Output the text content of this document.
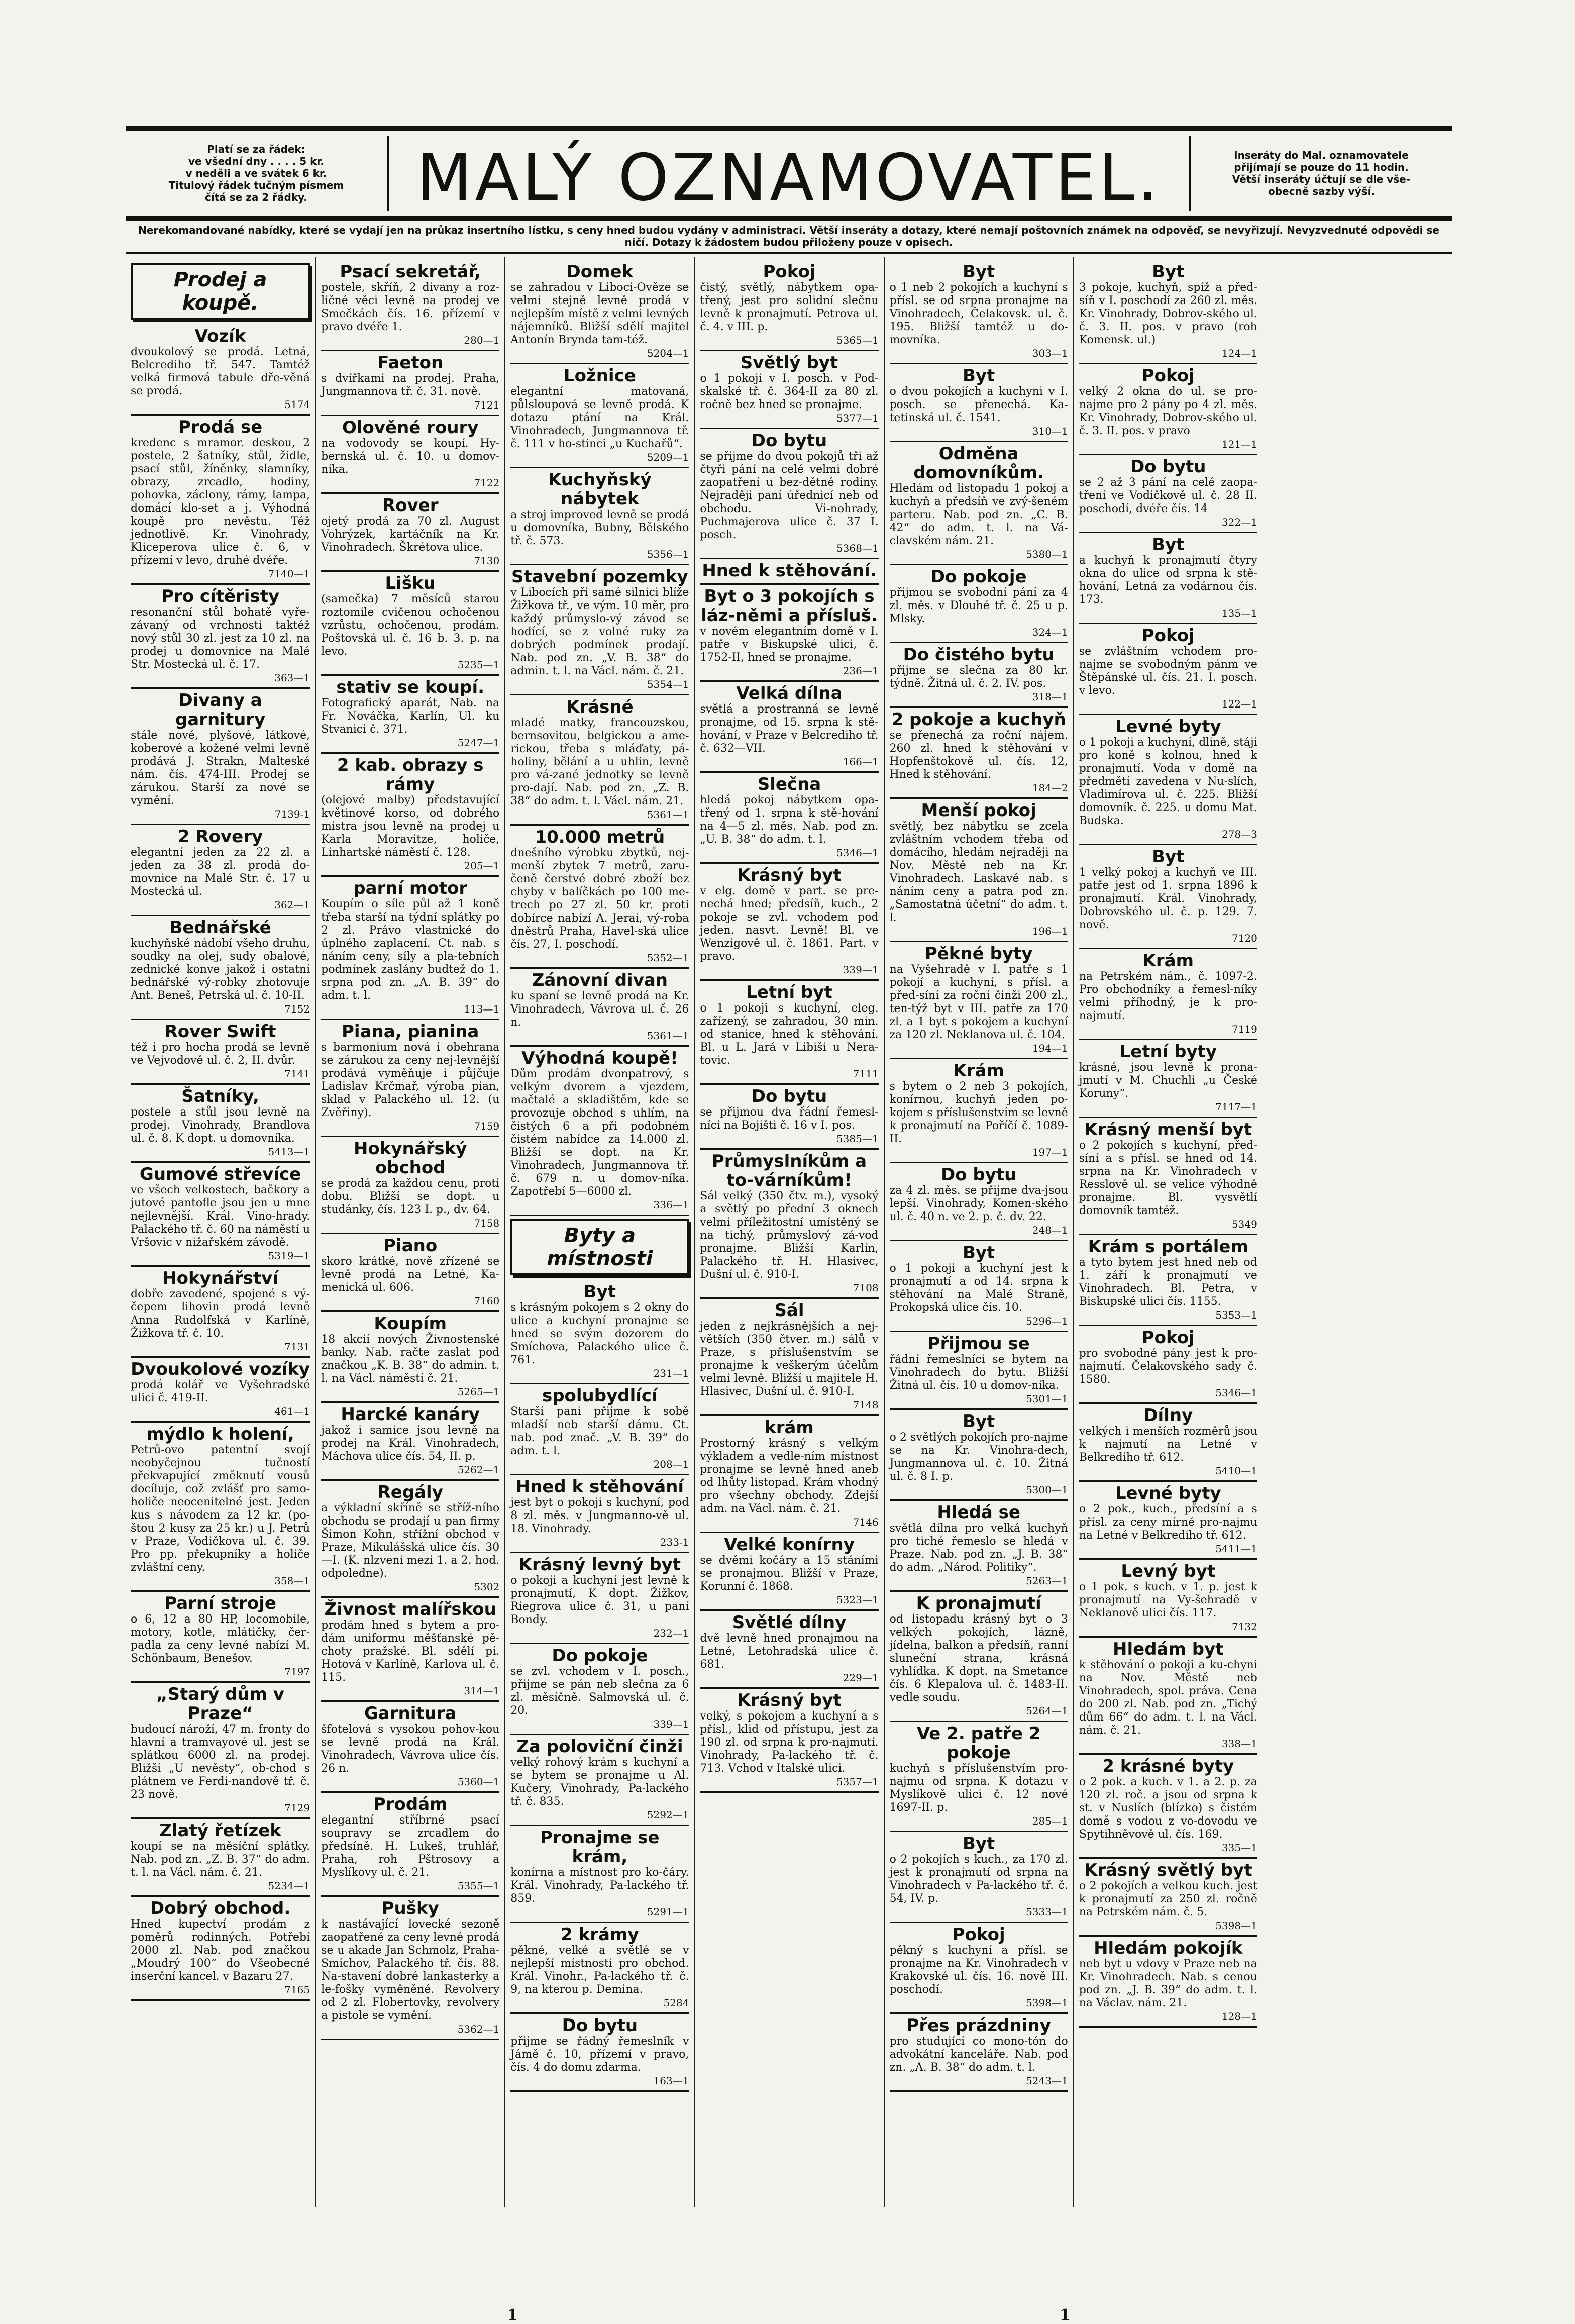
Platí se za řádek:
ve všední dny . . . . 5 kr.
v neděli a ve svátek 6 kr.
Titulový řádek tučným písmem
čítá se za 2 řádky.	MALÝ OZNAMOVATEL.	Inseráty do Mal. oznamovatele
přijímají se pouze do 11 hodin.
Větší inseráty účtují se dle vše-
obecně sazby výší.
Nerekomandované nabídky, které se vydají jen na průkaz insertního lístku, s ceny hned budou vydány v administraci. Větší inseráty a dotazy, které nemají poštovních známek na odpověď, se nevyřizují. Nevyzvednuté odpovědi se ničí. Dotazy k žádostem budou přiloženy pouze v opisech.
Prodej a koupě.
Vozík
dvoukolový se prodá. Letná, Belcrediho tř. 547. Tamtéž velká firmová tabule dře-věná se prodá.
5174
Prodá se
kredenc s mramor. deskou, 2 postele, 2 šatníky, stůl, židle, psací stůl, žíněnky, slamníky, obrazy, zrcadlo, hodiny, pohovka, záclony, rámy, lampa, domácí klo-set a j. Výhodná koupě pro nevěstu. Též jednotlivě. Kr. Vinohrady, Kliceperova ulice č. 6, v přízemí v levo, druhé dvéře.
7140—1
Pro cítěristy
resonanční stůl bohatě vyře-závaný od vrchnosti taktéž nový stůl 30 zl. jest za 10 zl. na prodej u domovnice na Malé Str. Mostecká ul. č. 17.
363—1
Divany a garnitury
stále nové, plyšové, látkové, koberové a kožené velmi levně prodává J. Strakn, Malteské nám. čís. 474-III. Prodej se zárukou. Starší za nové se vymění.
7139-1
2 Rovery
elegantní jeden za 22 zl. a jeden za 38 zl. prodá do-movnice na Malé Str. č. 17 u Mostecká ul.
362—1
Bednářské
kuchyňské nádobí všeho druhu, soudky na olej, sudy obalové, zednické konve jakož i ostatní bednářské vý-robky zhotovuje Ant. Beneš, Petrská ul. č. 10-II.
7152
Rover Swift
též i pro hocha prodá se levně ve Vejvodově ul. č. 2, II. dvůr.
7141
Šatníky,
postele a stůl jsou levně na prodej. Vinohrady, Brandlova ul. č. 8. K dopt. u domovníka.
5413—1
Gumové střevíce
ve všech velkostech, bačkory a jutové pantofle jsou jen u mne nejlevnější. Král. Vino-hrady. Palackého tř. č. 60 na náměstí u Vršovic v nižařském závodě.
5319—1
Hokynářství
dobře zavedené, spojené s vý-čepem lihovin prodá levně Anna Rudolfská v Karlíně, Žižkova tř. č. 10.
7131
Dvoukolové vozíky
prodá kolář ve Vyšehradské ulici č. 419-II.
461—1
mýdlo k holení,
Petrů-ovo patentní svojí neobyčejnou tučností překvapující změknutí vousů docíluje, což zvlášť pro samo-holiče neocenitelné jest. Jeden kus s návodem za 12 kr. (po-štou 2 kusy za 25 kr.) u J. Petrů v Praze, Vodičkova ul. č. 39. Pro pp. překupníky a holiče zvláštní ceny.
358—1
Parní stroje
o 6, 12 a 80 HP, locomobile, motory, kotle, mlátičky, čer-padla za ceny levné nabízí M. Schönbaum, Benešov.
7197
„Starý dům v Praze“
budoucí nároží, 47 m. fronty do hlavní a tramvayové ul. jest se splátkou 6000 zl. na prodej. Bližší „U nevěsty“, ob-chod s plátnem ve Ferdi-nandově tř. č. 23 nově.
7129
Zlatý řetízek
koupí se na měsíční splátky. Nab. pod zn. „Z. B. 37“ do adm. t. l. na Václ. nám. č. 21.
5234—1
Dobrý obchod.
Hned kupectví prodám z poměrů rodinných. Potřebí 2000 zl. Nab. pod značkou „Moudrý 100“ do Všeobecné inserční kancel. v Bazaru 27.
7165
Psací sekretář,
postele, skříň, 2 divany a roz-ličné věci levně na prodej ve Smečkách čís. 16. přízemí v pravo dvéře 1.
280—1
Faeton
s dvířkami na prodej. Praha, Jungmannova tř. č. 31. nově.
7121
Olověné roury
na vodovody se koupí. Hy-bernská ul. č. 10. u domov-níka.
7122
Rover
ojetý prodá za 70 zl. August Vohrýzek, kartáčník na Kr. Vinohradech. Škrétova ulice.
7130
Lišku
(samečka) 7 měsíců starou roztomile cvičenou ochočenou vzrůstu, ochočenou, prodám. Poštovská ul. č. 16 b. 3. p. na levo.
5235—1
stativ se koupí.
Fotografický aparát, Nab. na Fr. Nováčka, Karlín, Ul. ku Stvanici č. 371.
5247—1
2 kab. obrazy s rámy
(olejové malby) představující květinové korso, od dobrého mistra jsou levně na prodej u Karla Moravitze, holiče, Linhartské náměstí č. 128.
205—1
parní motor
Koupím o síle půl až 1 koně třeba starší na týdní splátky po 2 zl. Právo vlastnické do úplného zaplacení. Ct. nab. s náním ceny, síly a pla-tebních podmínek zaslány budtež do 1. srpna pod zn. „A. B. 39“ do adm. t. l.
113—1
Piana, pianina
s barmonium nová i obehrana se zárukou za ceny nej-levnější prodává vyměňuje i půjčuje Ladislav Krčmař, výroba pian, sklad v Palackého ul. 12. (u Zvěřiny).
7159
Hokynářský obchod
se prodá za každou cenu, proti dobu. Bližší se dopt. u studánky, čís. 123 I. p., dv. 64.
7158
Piano
skoro krátké, nově zřízené se levně prodá na Letné, Ka-menická ul. 606.
7160
Koupím
18 akcií nových Živnostenské banky. Nab. račte zaslat pod značkou „K. B. 38“ do admin. t. l. na Václ. náměstí č. 21.
5265—1
Harcké kanáry
jakož i samice jsou levně na prodej na Král. Vinohradech, Máchova ulice čís. 54, II. p.
5262—1
Regály
a výkladní skříně se stříž-ního obchodu se prodají u pan firmy Šimon Kohn, střížní obchod v Praze, Mikulášská ulice čís. 30—I. (K. nlzveni mezi 1. a 2. hod. odpoledne).
5302
Živnost malířskou
prodám hned s bytem a pro-dám uniformu měšťanské pě-choty pražské. Bl. sdělí pí. Hotová v Karlíně, Karlova ul. č. 115.
314—1
Garnitura
šfotelová s vysokou pohov-kou se levně prodá na Král. Vinohradech, Vávrova ulice čís. 26 n.
5360—1
Prodám
elegantní stříbrné psací soupravy se zrcadlem do předsíně. H. Lukeš, truhlář, Praha, roh Pštrosovy a Myslíkovy ul. č. 21.
5355—1
Pušky
k nastávající lovecké sezoně zaopatřené za ceny levné prodá se u akade Jan Schmolz, Praha-Smíchov, Palackého tř. čís. 88. Na-stavení dobré lankasterky a le-fošky vyměněné. Revolvery od 2 zl. Flobertovky, revolvery a pistole se vymění.
5362—1
Domek
se zahradou v Liboci-Ověze se velmi stejně levně prodá v nejlepším místě z velmi levných nájemníků. Bližší sdělí majitel Antonín Brynda tam-též.
5204—1
Ložnice
elegantní matovaná, půlsloupová se levně prodá. K dotazu ptání na Král. Vinohradech, Jungmannova tř. č. 111 v ho-stinci „u Kuchařů“.
5209—1
Kuchyňský nábytek
a stroj improved levně se prodá u domovníka, Bubny, Bělského tř. č. 573.
5356—1
Stavební pozemky
v Libocích při samé silnici blíže Žižkova tř., ve vým. 10 měr, pro každý průmyslo-vý závod se hodící, se z volné ruky za dobrých podmínek prodají. Nab. pod zn. „V. B. 38“ do admin. t. l. na Václ. nám. č. 21.
5354—1
Krásné
mladé matky, francouzskou, bernsovitou, belgickou a ame-rickou, třeba s mláďaty, pá-holiny, bělání a u uhlin, levně pro vá-zané jednotky se levně pro-dají. Nab. pod zn. „Z. B. 38“ do adm. t. l. Václ. nám. 21.
5361—1
10.000 metrů
dnešního výrobku zbytků, nej-menší zbytek 7 metrů, zaru-čeně čerstvé dobré zboží bez chyby v balíčkách po 100 me-trech po 27 zl. 50 kr. proti dobírce nabízí A. Jerai, vý-roba dněstrů Praha, Havel-ská ulice čís. 27, I. poschodí.
5352—1
Zánovní divan
ku spaní se levně prodá na Kr. Vinohradech, Vávrova ul. č. 26 n.
5361—1
Výhodná koupě!
Dům prodám dvonpatrový, s velkým dvorem a vjezdem, mačtalé a skladištěm, kde se provozuje obchod s uhlím, na čistých 6 a při podobném čistém nabídce za 14.000 zl. Bližší se dopt. na Kr. Vinohradech, Jungmannova tř. č. 679 n. u domov-níka. Zapotřebí 5—6000 zl.
336—1
Byty a místnosti
Byt
s krásným pokojem s 2 okny do ulice a kuchyní pronajme se hned se svým dozorem do Smíchova, Palackého ulice č. 761.
231—1
spolubydlící
Starší pani přijme k sobě mladší neb starší dámu. Ct. nab. pod znač. „V. B. 39“ do adm. t. l.
208—1
Hned k stěhování
jest byt o pokoji s kuchyní, pod 8 zl. měs. v Jungmanno-vě ul. 18. Vinohrady.
233-1
Krásný levný byt
o pokoji a kuchyní jest levně k pronajmutí, K dopt. Žižkov, Riegrova ulice č. 31, u paní Bondy.
232—1
Do pokoje
se zvl. vchodem v I. posch., přijme se pán neb slečna za 6 zl. měsíčně. Salmovská ul. č. 20.
339—1
Za poloviční činži
velký rohový krám s kuchyní a se bytem se pronajme u Al. Kučery, Vinohrady, Pa-lackého tř. č. 835.
5292—1
Pronajme se krám,
konírna a místnost pro ko-čáry. Král. Vinohrady, Pa-lackého tř. 859.
5291—1
2 krámy
pěkné, velké a světlé se v nejlepší místnosti pro obchod. Král. Vinohr., Pa-lackého tř. č. 9, na kterou p. Demina.
5284
Do bytu
přijme se řádný řemeslník v Jámě č. 10, přízemí v pravo, čís. 4 do domu zdarma.
163—1
Pokoj
čistý, světlý, nábytkem opa-třený, jest pro solidní slečnu levně k pronajmutí. Petrova ul. č. 4. v III. p.
5365—1
Světlý byt
o 1 pokoji v I. posch. v Pod-skalské tř. č. 364-II za 80 zl. ročně bez hned se pronajme.
5377—1
Do bytu
se přijme do dvou pokojů tři až čtyři pání na celé velmi dobré zaopatření u bez-dětné rodiny. Nejraději paní úřednicí neb od obchodu. Vi-nohrady, Puchmajerova ulice č. 37 I. posch.
5368—1
Hned k stěhování.
Byt o 3 pokojích s láz-němi a přísluš.
v novém elegantním domě v I. patře v Biskupské ulici, č. 1752-II, hned se pronajme.
236—1
Velká dílna
světlá a prostranná se levně pronajme, od 15. srpna k stě-hování, v Praze v Belcrediho tř. č. 632—VII.
166—1
Slečna
hledá pokoj nábytkem opa-třený od 1. srpna k stě-hování na 4—5 zl. měs. Nab. pod zn. „U. B. 38“ do adm. t. l.
5346—1
Krásný byt
v elg. domě v part. se pre-nechá hned; předsíň, kuch., 2 pokoje se zvl. vchodem pod jeden. nasvt. Levně! Bl. ve Wenzigově ul. č. 1861. Part. v pravo.
339—1
Letní byt
o 1 pokoji s kuchyní, eleg. zařízený, se zahradou, 30 min. od stanice, hned k stěhování. Bl. u L. Jará v Libiši u Nera-tovic.
7111
Do bytu
se přijmou dva řádní řemesl-níci na Bojišti č. 16 v I. pos.
5385—1
Průmyslníkům a to-várníkům!
Sál velký (350 čtv. m.), vysoký a světlý po přední 3 oknech velmi příležitostní umístěný se na tichý, průmyslový zá-vod pronajme. Bližší Karlín, Palackého tř. H. Hlasivec, Dušní ul. č. 910-I.
7108
Sál
jeden z nejkrásnějších a nej-větších (350 čtver. m.) sálů v Praze, s příslušenstvím se pronajme k veškerým účelům velmi levně. Bližší u majitele H. Hlasivec, Dušní ul. č. 910-I.
7148
krám
Prostorný krásný s velkým výkladem a vedle-ním místnost pronajme se levně hned aneb od lhůty listopad. Krám vhodný pro všechny obchody. Zdejší adm. na Václ. nám. č. 21.
7146
Velké konírny
se dvěmi kočáry a 15 stáními se pronajmou. Bližší v Praze, Korunní č. 1868.
5323—1
Světlé dílny
dvě levně hned pronajmou na Letné, Letohradská ulice č. 681.
229—1
Krásný byt
velký, s pokojem a kuchyní a s přísl., klid od přístupu, jest za 190 zl. od srpna k pro-najmutí. Vinohrady, Pa-lackého tř. č. 713. Vchod v Italské ulici.
5357—1
Byt
o 1 neb 2 pokojích a kuchyní s přísl. se od srpna pronajme na Vinohradech, Čelakovsk. ul. č. 195. Bližší tamtéž u do-movníka.
303—1
Byt
o dvou pokojích a kuchyni v I. posch. se přenechá. Ka-tetinská ul. č. 1541.
310—1
Odměna domovníkům.
Hledám od listopadu 1 pokoj a kuchyň a předsíň ve zvý-šeném parteru. Nab. pod zn. „C. B. 42“ do adm. t. l. na Vá-clavském nám. 21.
5380—1
Do pokoje
přijmou se svobodní pání za 4 zl. měs. v Dlouhé tř. č. 25 u p. Mlsky.
324—1
Do čistého bytu
přijme se slečna za 80 kr. týdně. Žitná ul. č. 2. IV. pos.
318—1
2 pokoje a kuchyň
se přenechá za roční nájem. 260 zl. hned k stěhování v Hopfenštokově ul. čís. 12, Hned k stěhování.
184—2
Menší pokoj
světlý, bez nábytku se zcela zvláštním vchodem třeba od domácího, hledám nejraději na Nov. Městě neb na Kr. Vinohradech. Laskavé nab. s náním ceny a patra pod zn. „Samostatná účetní“ do adm. t. l.
196—1
Pěkné byty
na Vyšehradě v I. patře s 1 pokojí a kuchyní, s přísl. a před-síní za roční činži 200 zl., ten-týž byt v III. patře za 170 zl. a 1 byt s pokojem a kuchyní za 120 zl. Neklanova ul. č. 104.
194—1
Krám
s bytem o 2 neb 3 pokojích, konírnou, kuchyň jeden po-kojem s příslušenstvím se levně k pronajmutí na Poříčí č. 1089-II.
197—1
Do bytu
za 4 zl. měs. se přijme dva-jsou lepší. Vinohrady, Komen-ského ul. č. 40 n. ve 2. p. č. dv. 22.
248—1
Byt
o 1 pokoji a kuchyní jest k pronajmutí a od 14. srpna k stěhování na Malé Straně, Prokopská ulice čís. 10.
5296—1
Přijmou se
řádní řemeslníci se bytem na Vinohradech do bytu. Bližší Žitná ul. čís. 10 u domov-níka.
5301—1
Byt
o 2 světlých pokojích pro-najme se na Kr. Vinohra-dech, Jungmannova ul. č. 10. Žitná ul. č. 8 I. p.
5300—1
Hledá se
světlá dílna pro velká kuchyň pro tiché řemeslo se hledá v Praze. Nab. pod zn. „J. B. 38“ do adm. „Národ. Politiky“.
5263—1
K pronajmutí
od listopadu krásný byt o 3 velkých pokojích, lázně, jídelna, balkon a předsíň, ranní sluneční strana, krásná vyhlídka. K dopt. na Smetance čís. 6 Klepalova ul. č. 1483-II. vedle soudu.
5264—1
Ve 2. patře 2 pokoje
kuchyň s příslušenstvím pro-najmu od srpna. K dotazu v Myslíkově ulici č. 12 nové 1697-II. p.
285—1
Byt
o 2 pokojích s kuch., za 170 zl. jest k pronajmutí od srpna na Vinohradech v Pa-lackého tř. č. 54, IV. p.
5333—1
Pokoj
pěkný s kuchyní a přísl. se pronajme na Kr. Vinohradech v Krakovské ul. čís. 16. nově III. poschodí.
5398—1
Přes prázdniny
pro studující co mono-tón do advokátní kanceláře. Nab. pod zn. „A. B. 38“ do adm. t. l.
5243—1
Byt
3 pokoje, kuchyň, spíž a před-síň v I. poschodí za 260 zl. měs. Kr. Vinohrady, Dobrov-ského ul. č. 3. II. pos. v pravo (roh Komensk. ul.)
124—1
Pokoj
velký 2 okna do ul. se pro-najme pro 2 pány po 4 zl. měs. Kr. Vinohrady, Dobrov-ského ul. č. 3. II. pos. v pravo
121—1
Do bytu
se 2 až 3 pání na celé zaopa-tření ve Vodičkově ul. č. 28 II. poschodí, dvéře čís. 14
322—1
Byt
a kuchyň k pronajmutí čtyry okna do ulice od srpna k stě-hování, Letná za vodárnou čís. 173.
135—1
Pokoj
se zvláštním vchodem pro-najme se svobodným pánm ve Štěpánské ul. čís. 21. I. posch. v levo.
122—1
Levné byty
o 1 pokoji a kuchyní, dlině, stáji pro koně s kolnou, hned k pronajmutí. Voda v domě na předmětí zavedena v Nu-slích, Vladimírova ul. č. 225. Bližší domovník. č. 225. u domu Mat. Budska.
278—3
Byt
1 velký pokoj a kuchyň ve III. patře jest od 1. srpna 1896 k pronajmutí. Král. Vinohrady, Dobrovského ul. č. p. 129. 7. nově.
7120
Krám
na Petrském nám., č. 1097-2. Pro obchodníky a řemesl-níky velmi příhodný, je k pro-najmutí.
7119
Letní byty
krásné, jsou levně k prona-jmutí v M. Chuchli „u České Koruny“.
7117—1
Krásný menší byt
o 2 pokojích s kuchyní, před-síní a s přísl. se hned od 14. srpna na Kr. Vinohradech v Resslově ul. se velice výhodně pronajme. Bl. vysvětlí domovník tamtéž.
5349
Krám s portálem
a tyto bytem jest hned neb od 1. září k pronajmutí ve Vinohradech. Bl. Petra, v Biskupské ulici čís. 1155.
5353—1
Pokoj
pro svobodné pány jest k pro-najmutí. Čelakovského sady č. 1580.
5346—1
Dílny
velkých i menších rozměrů jsou k najmutí na Letné v Belkrediho tř. 612.
5410—1
Levné byty
o 2 pok., kuch., předsíní a s přísl. za ceny mírné pro-najmu na Letné v Belkrediho tř. 612.
5411—1
Levný byt
o 1 pok. s kuch. v 1. p. jest k pronajmutí na Vy-šehradě v Neklanově ulici čís. 117.
7132
Hledám byt
k stěhování o pokoji a ku-chyni na Nov. Městě neb Vinohradech, spol. práva. Cena do 200 zl. Nab. pod zn. „Tichý dům 66“ do adm. t. l. na Václ. nám. č. 21.
338—1
2 krásné byty
o 2 pok. a kuch. v 1. a 2. p. za 120 zl. roč. a jsou od srpna k st. v Nuslích (blízko) s čistém domě s vodou z vo-dovodu ve Spytihněvově ul. čís. 169.
335—1
Krásný světlý byt
o 2 pokojích a velkou kuch. jest k pronajmutí za 250 zl. ročně na Petrském nám. č. 5.
5398—1
Hledám pokojík
neb byt u vdovy v Praze neb na Kr. Vinohradech. Nab. s cenou pod zn. „J. B. 39“ do adm. t. l. na Václav. nám. 21.
128—1
1	1
